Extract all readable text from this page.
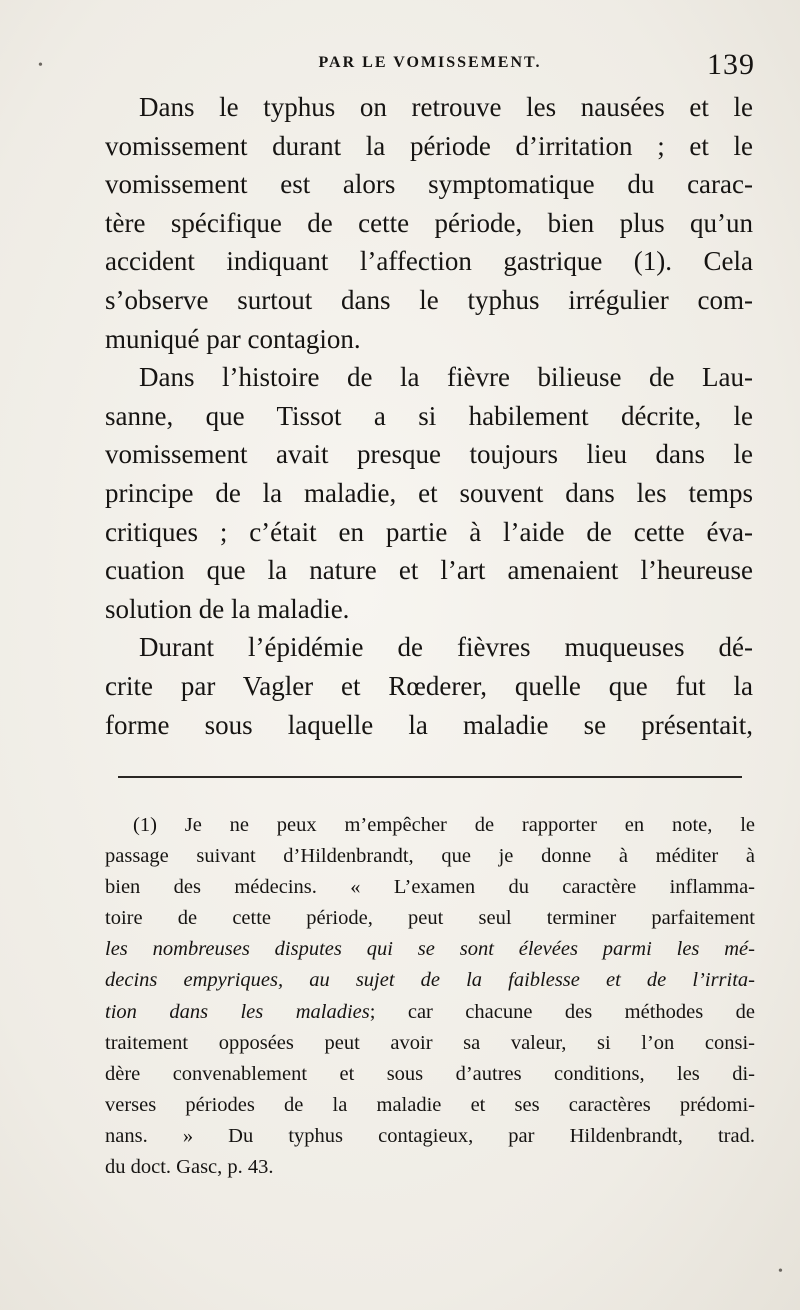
•	PAR LE VOMISSEMENT.	139
Dans le typhus on retrouve les nausées et le
vomissement durant la période d’irritation ; et le
vomissement est alors symptomatique du carac-
tère spécifique de cette période, bien plus qu’un
accident indiquant l’affection gastrique (1). Cela
s’observe surtout dans le typhus irrégulier com-
muniqué par contagion.
Dans l’histoire de la fièvre bilieuse de Lau-
sanne, que Tissot a si habilement décrite, le
vomissement avait presque toujours lieu dans le
principe de la maladie, et souvent dans les temps
critiques ; c’était en partie à l’aide de cette éva-
cuation que la nature et l’art amenaient l’heureuse
solution de la maladie.
Durant l’épidémie de fièvres muqueuses dé-
crite par Vagler et Rœderer, quelle que fut la
forme sous laquelle la maladie se présentait,
(1) Je ne peux m’empêcher de rapporter en note, le
passage suivant d’Hildenbrandt, que je donne à méditer à
bien des médecins. « L’examen du caractère inflamma-
toire de cette période, peut seul terminer parfaitement
les nombreuses disputes qui se sont élevées parmi les mé-
decins empyriques, au sujet de la faiblesse et de l’irrita-
tion dans les maladies; car chacune des méthodes de
traitement opposées peut avoir sa valeur, si l’on consi-
dère convenablement et sous d’autres conditions, les di-
verses périodes de la maladie et ses caractères prédomi-
nans. » Du typhus contagieux, par Hildenbrandt, trad.
du doct. Gasc, p. 43.
•
